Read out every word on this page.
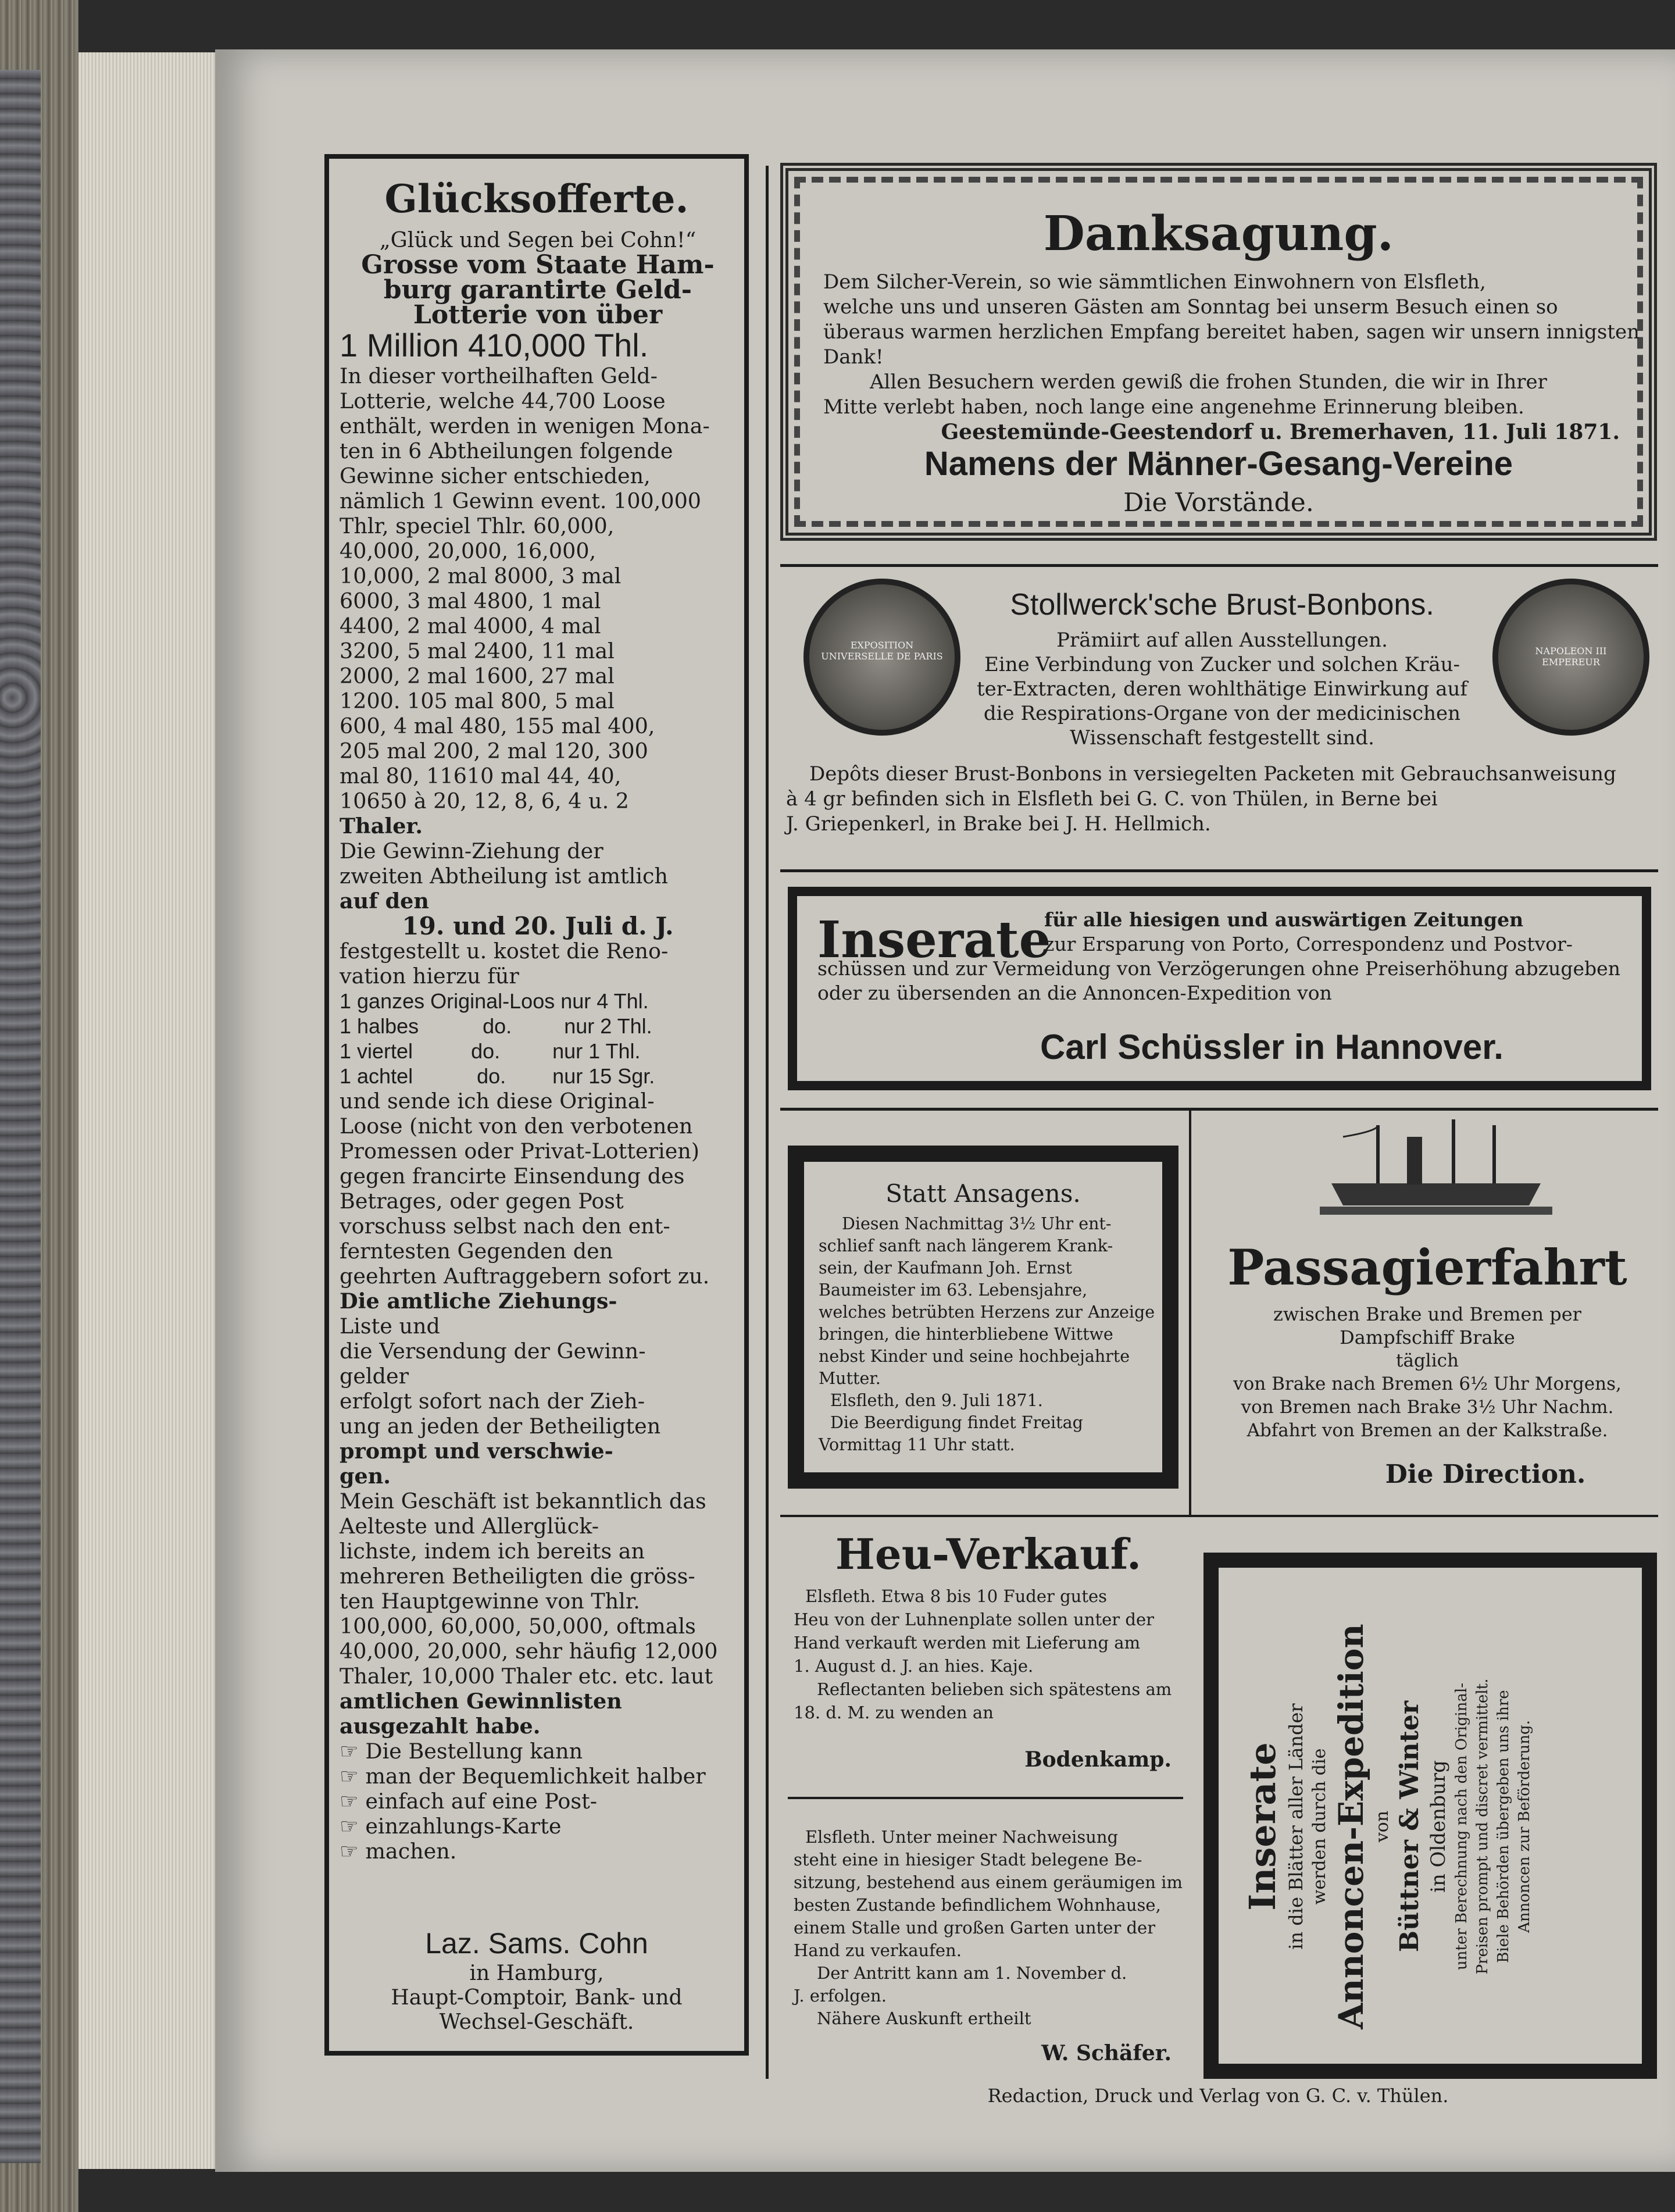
Glücksofferte.
„Glück und Segen bei Cohn!“
Grosse vom Staate Ham-
burg garantirte Geld-
Lotterie von über
1 Million 410,000 Thl.
In dieser vortheilhaften Geld-
Lotterie, welche 44,700 Loose
enthält, werden in wenigen Mona-
ten in 6 Abtheilungen folgende
Gewinne sicher entschieden,
nämlich 1 Gewinn event. 100,000
Thlr, speciel Thlr. 60,000,
40,000, 20,000, 16,000,
10,000, 2 mal 8000, 3 mal
6000, 3 mal 4800, 1 mal
4400, 2 mal 4000, 4 mal
3200, 5 mal 2400, 11 mal
2000, 2 mal 1600, 27 mal
1200. 105 mal 800, 5 mal
600, 4 mal 480, 155 mal 400,
205 mal 200, 2 mal 120, 300
mal 80, 11610 mal 44, 40,
10650 à 20, 12, 8, 6, 4 u. 2
Thaler.
Die Gewinn-Ziehung der
zweiten Abtheilung ist amtlich
auf den
19. und 20. Juli d. J.
festgestellt u. kostet die Reno-
vation hierzu für
1 ganzes Original-Loos nur 4 Thl.
1 halbes           do.         nur 2 Thl.
1 viertel          do.         nur 1 Thl.
1 achtel           do.        nur 15 Sgr.
und sende ich diese Original-
Loose (nicht von den verbotenen
Promessen oder Privat-Lotterien)
gegen francirte Einsendung des
Betrages, oder gegen Post
vorschuss selbst nach den ent-
ferntesten Gegenden den
geehrten Auftraggebern sofort zu.
Die amtliche Ziehungs-
Liste und
die Versendung der Gewinn-
gelder
erfolgt sofort nach der Zieh-
ung an jeden der Betheiligten
prompt und verschwie-
gen.
Mein Geschäft ist bekanntlich das
Aelteste und Allerglück-
lichste, indem ich bereits an
mehreren Betheiligten die gröss-
ten Hauptgewinne von Thlr.
100,000, 60,000, 50,000, oftmals
40,000, 20,000, sehr häufig 12,000
Thaler, 10,000 Thaler etc. etc. laut
amtlichen Gewinnlisten
ausgezahlt habe.
☞ Die Bestellung kann
☞ man der Bequemlichkeit halber
☞ einfach auf eine Post-
☞ einzahlungs-Karte
☞ machen.
Laz. Sams. Cohn
in Hamburg,
Haupt-Comptoir, Bank- und
Wechsel-Geschäft.
Danksagung.
Dem Silcher-Verein, so wie sämmtlichen Einwohnern von Elsfleth,
welche uns und unseren Gästen am Sonntag bei unserm Besuch einen so
überaus warmen herzlichen Empfang bereitet haben, sagen wir unsern innigsten
Dank!
Allen Besuchern werden gewiß die frohen Stunden, die wir in Ihrer
Mitte verlebt haben, noch lange eine angenehme Erinnerung bleiben.
Geestemünde-Geestendorf u. Bremerhaven, 11. Juli 1871.
Namens der Männer-Gesang-Vereine
Die Vorstände.
EXPOSITION UNIVERSELLE DE PARIS	NAPOLEON III EMPEREUR
Stollwerck'sche Brust-Bonbons.
Prämiirt auf allen Ausstellungen.
Eine Verbindung von Zucker und solchen Kräu-
ter-Extracten, deren wohlthätige Einwirkung auf
die Respirations-Organe von der medicinischen
Wissenschaft festgestellt sind.
Depôts dieser Brust-Bonbons in versiegelten Packeten mit Gebrauchsanweisung
à 4 gr befinden sich in Elsfleth bei G. C. von Thülen, in Berne bei
J. Griepenkerl, in Brake bei J. H. Hellmich.
Inserate
für alle hiesigen und auswärtigen Zeitungen
zur Ersparung von Porto, Correspondenz und Postvor-
schüssen und zur Vermeidung von Verzögerungen ohne Preiserhöhung abzugeben
oder zu übersenden an die Annoncen-Expedition von
Carl Schüssler in Hannover.
Statt Ansagens.
Diesen Nachmittag 3½ Uhr ent-
schlief sanft nach längerem Krank-
sein, der Kaufmann Joh. Ernst
Baumeister im 63. Lebensjahre,
welches betrübten Herzens zur Anzeige
bringen, die hinterbliebene Wittwe
nebst Kinder und seine hochbejahrte
Mutter.
Elsfleth, den 9. Juli 1871.
Die Beerdigung findet Freitag
Vormittag 11 Uhr statt.
Passagierfahrt
zwischen Brake und Bremen per
Dampfschiff Brake
täglich
von Brake nach Bremen 6½ Uhr Morgens,
von Bremen nach Brake 3½ Uhr Nachm.
Abfahrt von Bremen an der Kalkstraße.
Die Direction.
Heu-Verkauf.
Elsfleth. Etwa 8 bis 10 Fuder gutes
Heu von der Luhnenplate sollen unter der
Hand verkauft werden mit Lieferung am
1. August d. J. an hies. Kaje.
Reflectanten belieben sich spätestens am
18. d. M. zu wenden an
Bodenkamp.
Elsfleth. Unter meiner Nachweisung
steht eine in hiesiger Stadt belegene Be-
sitzung, bestehend aus einem geräumigen im
besten Zustande befindlichem Wohnhause,
einem Stalle und großen Garten unter der
Hand zu verkaufen.
Der Antritt kann am 1. November d.
J. erfolgen.
Nähere Auskunft ertheilt
W. Schäfer.
Inserate in die Blätter aller Länder werden durch die Annoncen-Expedition von Büttner & Winter in Oldenburg unter Berechnung nach den Original- Preisen prompt und discret vermittelt. Biele Behörden übergeben uns ihre Annoncen zur Beförderung.
Redaction, Druck und Verlag von G. C. v. Thülen.
